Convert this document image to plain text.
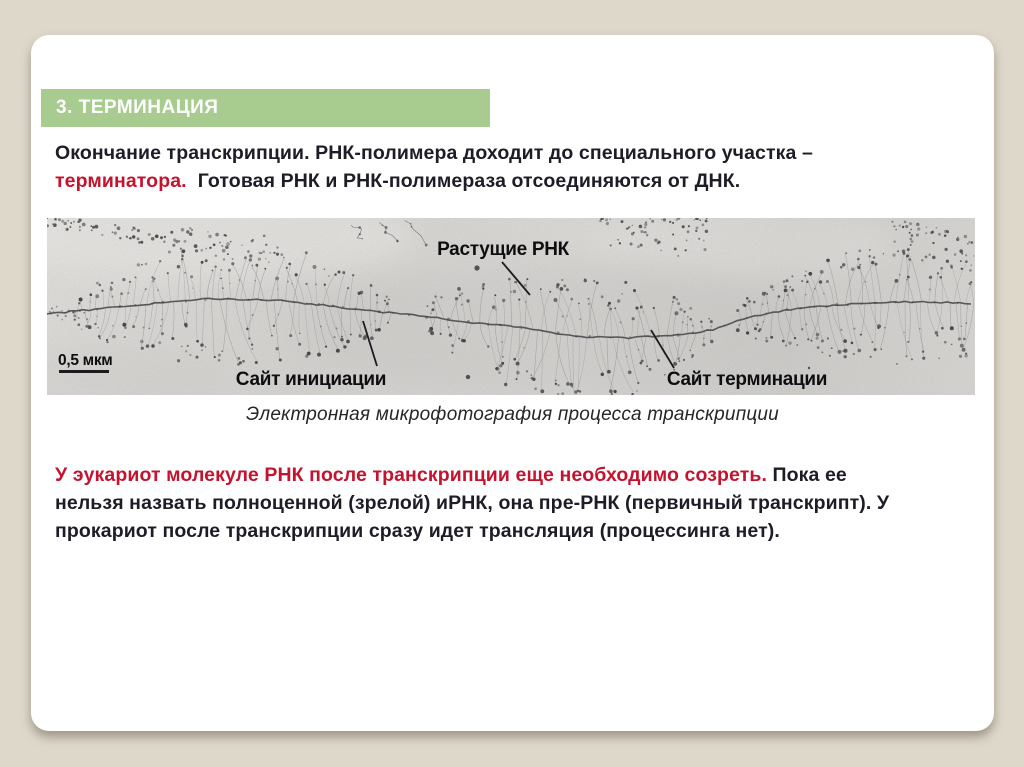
3. ТЕРМИНАЦИЯ
Окончание транскрипции. РНК-полимера доходит до специального участка –
терминатора.  Готовая РНК и РНК-полимераза отсоединяются от ДНК.
Растущие РНК
Сайт инициации	Сайт терминации
0,5 мкм
Электронная микрофотография процесса транскрипции
У эукариот молекуле РНК после транскрипции еще необходимо созреть. Пока ее
нельзя назвать полноценной (зрелой) иРНК, она пре-РНК (первичный транскрипт). У
прокариот после транскрипции сразу идет трансляция (процессинга нет).
